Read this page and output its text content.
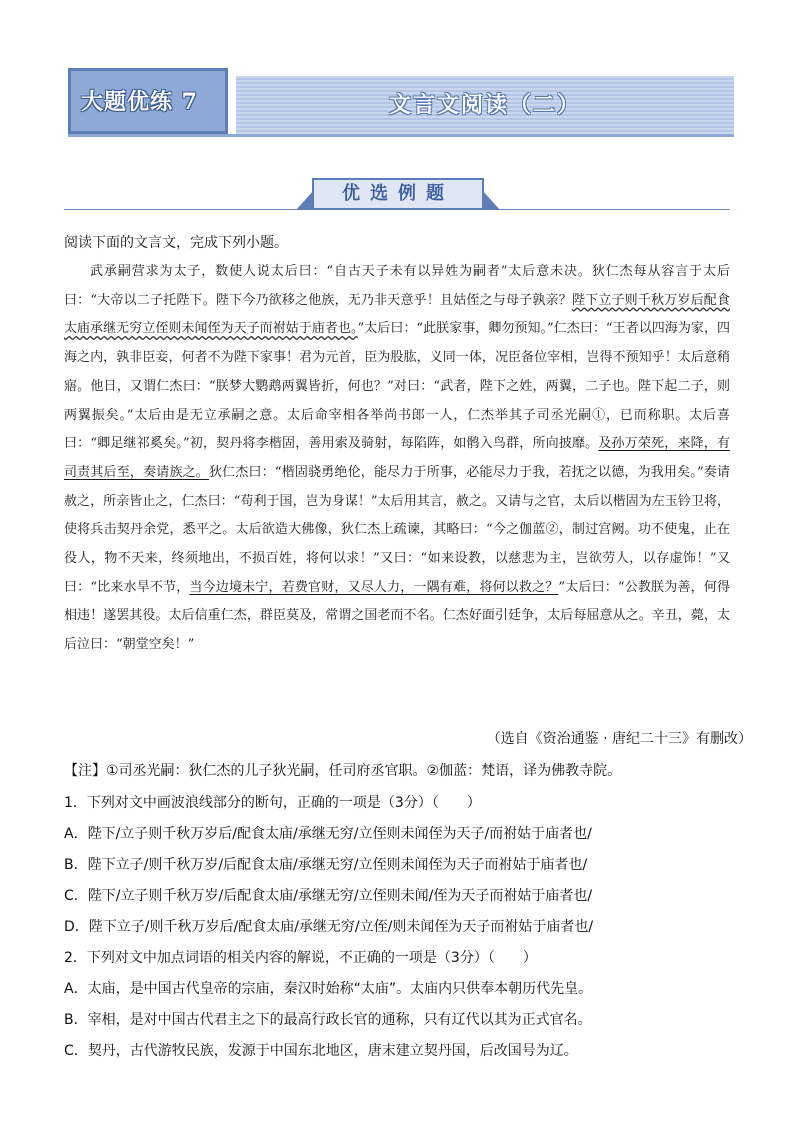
大题优练 7	文言文阅读（二）
优选例题
阅读下面的文言文，完成下列小题。

武承嗣营求为太子，数使人说太后曰：“自古天子未有以异姓为嗣者”太后意未决。狄仁杰每从容言于太后曰：“大帝以二子托陛下。陛下今乃欲移之他族，无乃非天意乎！且姑侄之与母子孰亲？陛下立子则千秋万岁后配食太庙承继无穷立侄则未闻侄为天子而祔姑于庙者也。”太后曰：“此朕家事，卿勿预知。”仁杰曰：“王者以四海为家，四海之内，孰非臣妾，何者不为陛下家事！君为元首，臣为股肱，义同一体，况臣备位宰相，岂得不预知乎！太后意稍寤。他日，又谓仁杰曰：“朕梦大鹦鹉两翼皆折，何也？”对曰：“武者，陛下之姓，两翼，二子也。陛下起二子，则两翼振矣。”太后由是无立承嗣之意。太后命宰相各举尚书郎一人，仁杰举其子司丞光嗣①，已而称职。太后喜曰：“卿足继祁奚矣。”初，契丹将李楷固，善用索及骑射，每陷阵，如鹘入鸟群，所向披靡。及孙万荣死，来降，有司责其后至，奏请族之。狄仁杰曰：“楷固骁勇绝伦，能尽力于所事，必能尽力于我，若抚之以德，为我用矣。”奏请赦之，所亲皆止之，仁杰曰：“苟利于国，岂为身谋！”太后用其言，赦之。又请与之官，太后以楷固为左玉钤卫将，使将兵击契丹余党，悉平之。太后欲造大佛像，狄仁杰上疏谏，其略曰：“今之伽蓝②，制过宫阙。功不使鬼，止在役人，物不天来，终须地出，不损百姓，将何以求！”又曰：“如来设教，以慈悲为主，岂欲劳人，以存虚饰！”又曰：“比来水旱不节，当今边境未宁，若费官财，又尽人力，一隅有难，将何以救之？”太后曰：“公教朕为善，何得相违！遂罢其役。太后信重仁杰，群臣莫及，常谓之国老而不名。仁杰好面引廷争，太后每屈意从之。辛丑，薨，太后泣曰：“朝堂空矣！”

（选自《资治通鉴 · 唐纪二十三》有删改）
【注】①司丞光嗣：狄仁杰的儿子狄光嗣，任司府丞官职。②伽蓝：梵语，译为佛教寺院。
1．下列对文中画波浪线部分的断句，正确的一项是（3分）（　　）
A．陛下/立子则千秋万岁后/配食太庙/承继无穷/立侄则未闻侄为天子/而祔姑于庙者也/
B．陛下立子/则千秋万岁/后配食太庙/承继无穷/立侄则未闻侄为天子而祔姑于庙者也/
C．陛下/立子则千秋万岁/后配食太庙/承继无穷/立侄则未闻/侄为天子而祔姑于庙者也/
D．陛下立子/则千秋万岁后/配食太庙/承继无穷/立侄/则未闻侄为天子而祔姑于庙者也/
2．下列对文中加点词语的相关内容的解说，不正确的一项是（3分）（　　）
A．太庙，是中国古代皇帝的宗庙，秦汉时始称“太庙”。太庙内只供奉本朝历代先皇。
B．宰相，是对中国古代君主之下的最高行政长官的通称，只有辽代以其为正式官名。
C．契丹，古代游牧民族，发源于中国东北地区，唐末建立契丹国，后改国号为辽。
